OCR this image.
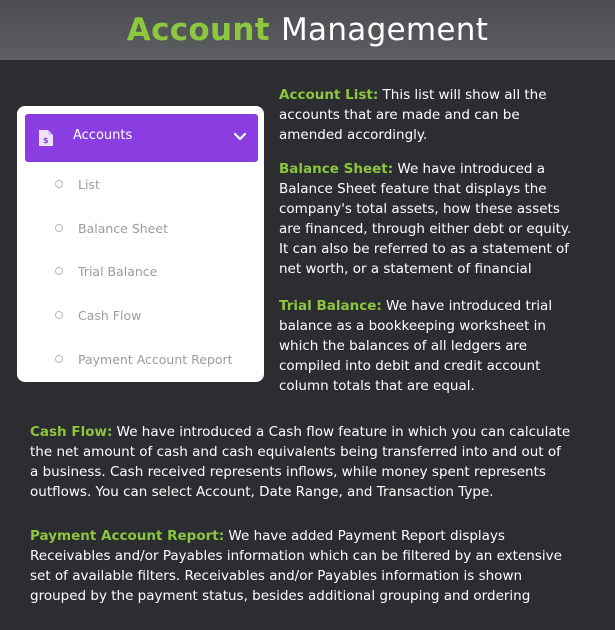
Account Management
$ Accounts
List
Balance Sheet
Trial Balance
Cash Flow
Payment Account Report

Account List: This list will show all the
accounts that are made and can be
amended accordingly.

Balance Sheet: We have introduced a
Balance Sheet feature that displays the
company's total assets, how these assets
are financed, through either debt or equity.
It can also be referred to as a statement of
net worth, or a statement of financial

Trial Balance: We have introduced trial
balance as a bookkeeping worksheet in
which the balances of all ledgers are
compiled into debit and credit account
column totals that are equal.

Cash Flow: We have introduced a Cash flow feature in which you can calculate
the net amount of cash and cash equivalents being transferred into and out of
a business. Cash received represents inflows, while money spent represents
outflows. You can select Account, Date Range, and Transaction Type.

Payment Account Report: We have added Payment Report displays
Receivables and/or Payables information which can be filtered by an extensive
set of available filters. Receivables and/or Payables information is shown
grouped by the payment status, besides additional grouping and ordering
